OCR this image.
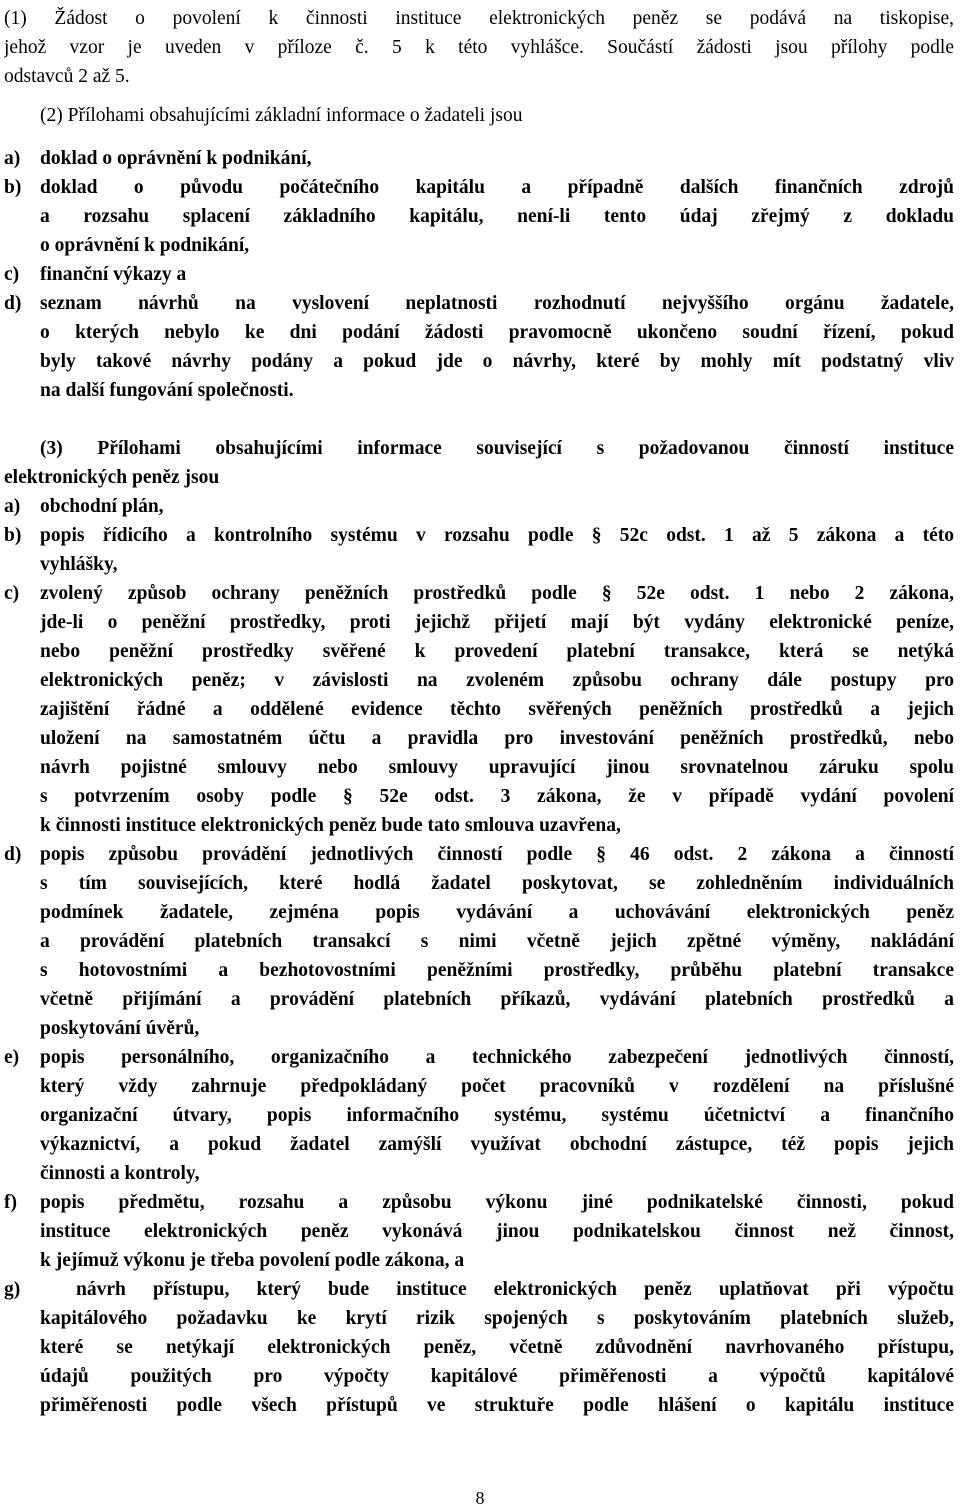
(1) Žádost o povolení k činnosti instituce elektronických peněz se podává na tiskopise,
jehož vzor je uveden v příloze č. 5 k této vyhlášce. Součástí žádosti jsou přílohy podle
odstavců 2 až 5.
(2) Přílohami obsahujícími základní informace o žadateli jsou
a) doklad o oprávnění k podnikání,
b) doklad o původu počátečního kapitálu a případně dalších finančních zdrojů
a rozsahu splacení základního kapitálu, není-li tento údaj zřejmý z dokladu
o oprávnění k podnikání,
c) finanční výkazy a
d) seznam návrhů na vyslovení neplatnosti rozhodnutí nejvyššího orgánu žadatele,
o kterých nebylo ke dni podání žádosti pravomocně ukončeno soudní řízení, pokud
byly takové návrhy podány a pokud jde o návrhy, které by mohly mít podstatný vliv
na další fungování společnosti.
(3) Přílohami obsahujícími informace související s požadovanou činností instituce
elektronických peněz jsou
a) obchodní plán,
b) popis řídicího a kontrolního systému v rozsahu podle § 52c odst. 1 až 5 zákona a této
vyhlášky,
c) zvolený způsob ochrany peněžních prostředků podle § 52e odst. 1 nebo 2 zákona,
jde-li o peněžní prostředky, proti jejichž přijetí mají být vydány elektronické peníze,
nebo peněžní prostředky svěřené k provedení platební transakce, která se netýká
elektronických peněz; v závislosti na zvoleném způsobu ochrany dále postupy pro
zajištění řádné a oddělené evidence těchto svěřených peněžních prostředků a jejich
uložení na samostatném účtu a pravidla pro investování peněžních prostředků, nebo
návrh pojistné smlouvy nebo smlouvy upravující jinou srovnatelnou záruku spolu
s potvrzením osoby podle § 52e odst. 3 zákona, že v případě vydání povolení
k činnosti instituce elektronických peněz bude tato smlouva uzavřena,
d) popis způsobu provádění jednotlivých činností podle § 46 odst. 2 zákona a činností
s tím souvisejících, které hodlá žadatel poskytovat, se zohledněním individuálních
podmínek žadatele, zejména popis vydávání a uchovávání elektronických peněz
a provádění platebních transakcí s nimi včetně jejich zpětné výměny, nakládání
s hotovostními a bezhotovostními peněžními prostředky, průběhu platební transakce
včetně přijímání a provádění platebních příkazů, vydávání platebních prostředků a
poskytování úvěrů,
e) popis personálního, organizačního a technického zabezpečení jednotlivých činností,
který vždy zahrnuje předpokládaný počet pracovníků v rozdělení na příslušné
organizační útvary, popis informačního systému, systému účetnictví a finančního
výkaznictví, a pokud žadatel zamýšlí využívat obchodní zástupce, též popis jejich
činnosti a kontroly,
f) popis předmětu, rozsahu a způsobu výkonu jiné podnikatelské činnosti, pokud
instituce elektronických peněz vykonává jinou podnikatelskou činnost než činnost,
k jejímuž výkonu je třeba povolení podle zákona, a
g)	návrh přístupu, který bude instituce elektronických peněz uplatňovat při výpočtu
kapitálového požadavku ke krytí rizik spojených s poskytováním platebních služeb,
které se netýkají elektronických peněz, včetně zdůvodnění navrhovaného přístupu,
údajů použitých pro výpočty kapitálové přiměřenosti a výpočtů kapitálové
přiměřenosti podle všech přístupů ve struktuře podle hlášení o kapitálu instituce
8
